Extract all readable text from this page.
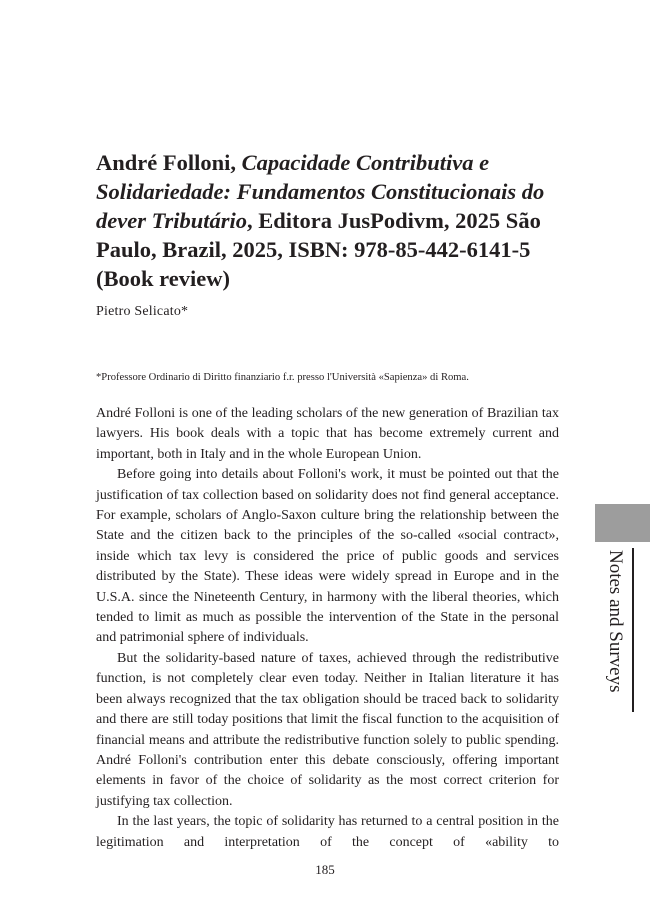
André Folloni, Capacidade Contributiva e Solidariedade: Fundamentos Constitucionais do dever Tributário, Editora JusPodivm, 2025 São Paulo, Brazil, 2025, ISBN: 978-85-442-6141-5 (Book review)
Pietro Selicato*
*Professore Ordinario di Diritto finanziario f.r. presso l'Università «Sapienza» di Roma.

André Folloni is one of the leading scholars of the new generation of Brazilian tax lawyers. His book deals with a topic that has become extremely current and important, both in Italy and in the whole European Union.

Before going into details about Folloni's work, it must be pointed out that the justification of tax collection based on solidarity does not find general acceptance. For example, scholars of Anglo-Saxon culture bring the relationship between the State and the citizen back to the principles of the so-called «social contract», inside which tax levy is considered the price of public goods and services distributed by the State). These ideas were widely spread in Europe and in the U.S.A. since the Nineteenth Century, in harmony with the liberal theories, which tended to limit as much as possible the intervention of the State in the personal and patrimonial sphere of individuals.

But the solidarity-based nature of taxes, achieved through the redistributive function, is not completely clear even today. Neither in Italian literature it has been always recognized that the tax obligation should be traced back to solidarity and there are still today positions that limit the fiscal function to the acquisition of financial means and attribute the redistributive function solely to public spending. André Folloni's contribution enter this debate consciously, offering important elements in favor of the choice of solidarity as the most correct criterion for justifying tax collection.

In the last years, the topic of solidarity has returned to a central position in the legitimation and interpretation of the concept of «ability to

Notes and Surveys
185
